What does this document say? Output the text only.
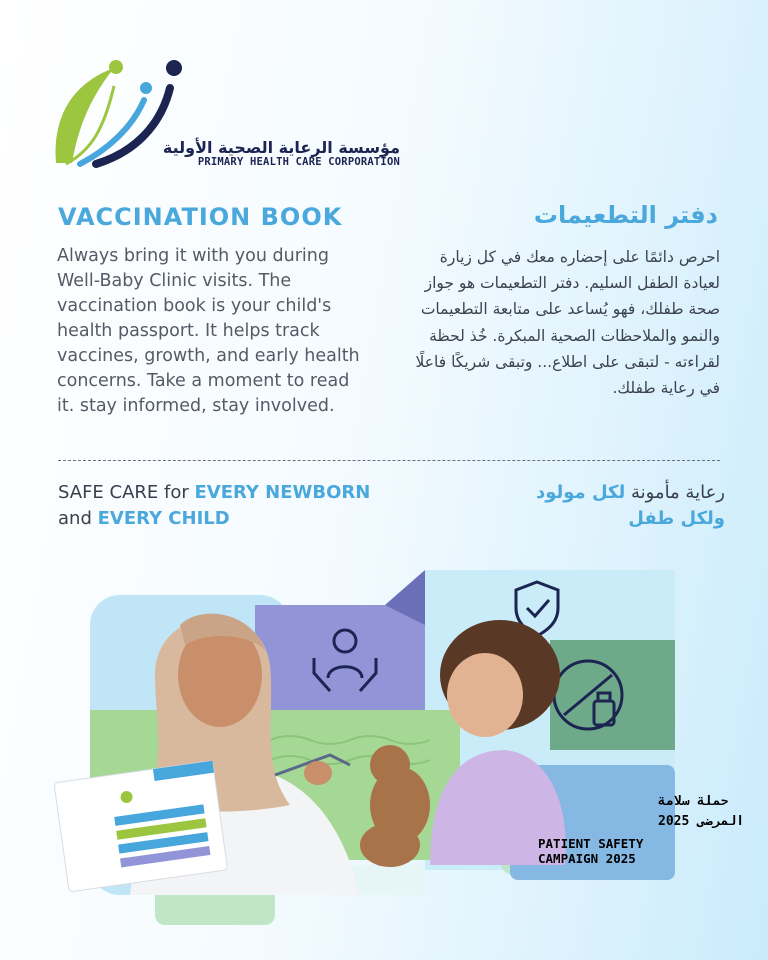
مؤسسة الرعاية الصحية الأولية
PRIMARY HEALTH CARE CORPORATION
VACCINATION BOOK	دفتر التطعيمات
Always bring it with you during Well-Baby Clinic visits. The vaccination book is your child's health passport. It helps track vaccines, growth, and early health concerns. Take a moment to read it. stay informed, stay involved.
احرص دائمًا على إحضاره معك في كل زيارة لعيادة الطفل السليم. دفتر التطعيمات هو جواز صحة طفلك، فهو يُساعد على متابعة التطعيمات والنمو والملاحظات الصحية المبكرة. خُذ لحظة لقراءته - لتبقى على اطلاع... وتبقى شريكًا فاعلًا في رعاية طفلك.
SAFE CARE for EVERY NEWBORN
and EVERY CHILD
رعاية مأمونة لكل مولود
ولكل طفل
حملة سلامة
المرضى 2025
PATIENT SAFETY
CAMPAIGN 2025
